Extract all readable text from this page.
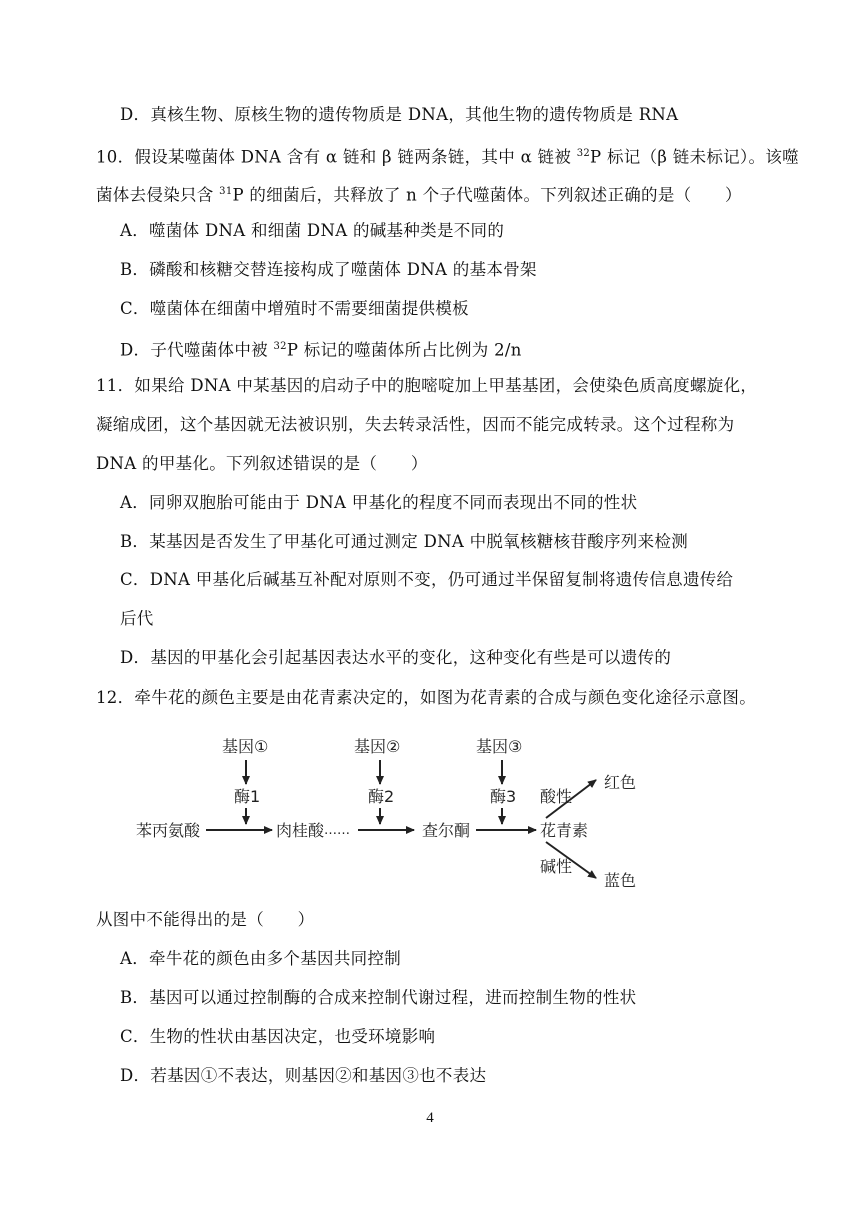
D．真核生物、原核生物的遗传物质是 DNA，其他生物的遗传物质是 RNA
10．假设某噬菌体 DNA 含有 α 链和 β 链两条链，其中 α 链被 $^{32}$P 标记（β 链未标记）。该噬
菌体去侵染只含 $^{31}$P 的细菌后，共释放了 n 个子代噬菌体。下列叙述正确的是（　　）
A．噬菌体 DNA 和细菌 DNA 的碱基种类是不同的
B．磷酸和核糖交替连接构成了噬菌体 DNA 的基本骨架
C．噬菌体在细菌中增殖时不需要细菌提供模板
D．子代噬菌体中被 $^{32}$P 标记的噬菌体所占比例为 2/n
11．如果给 DNA 中某基因的启动子中的胞嘧啶加上甲基基团，会使染色质高度螺旋化，
凝缩成团，这个基因就无法被识别，失去转录活性，因而不能完成转录。这个过程称为
DNA 的甲基化。下列叙述错误的是（　　）
A．同卵双胞胎可能由于 DNA 甲基化的程度不同而表现出不同的性状
B．某基因是否发生了甲基化可通过测定 DNA 中脱氧核糖核苷酸序列来检测
C．DNA 甲基化后碱基互补配对原则不变，仍可通过半保留复制将遗传信息遗传给
后代
D．基因的甲基化会引起基因表达水平的变化，这种变化有些是可以遗传的
12．牵牛花的颜色主要是由花青素决定的，如图为花青素的合成与颜色变化途径示意图。
基因①	基因②	基因③
酶1	酶2	酶3
苯丙氨酸	肉桂酸 ……	查尔酮	花青素
酸性
红色
碱性
蓝色
从图中不能得出的是（　　）
A．牵牛花的颜色由多个基因共同控制
B．基因可以通过控制酶的合成来控制代谢过程，进而控制生物的性状
C．生物的性状由基因决定，也受环境影响
D．若基因①不表达，则基因②和基因③也不表达
4
